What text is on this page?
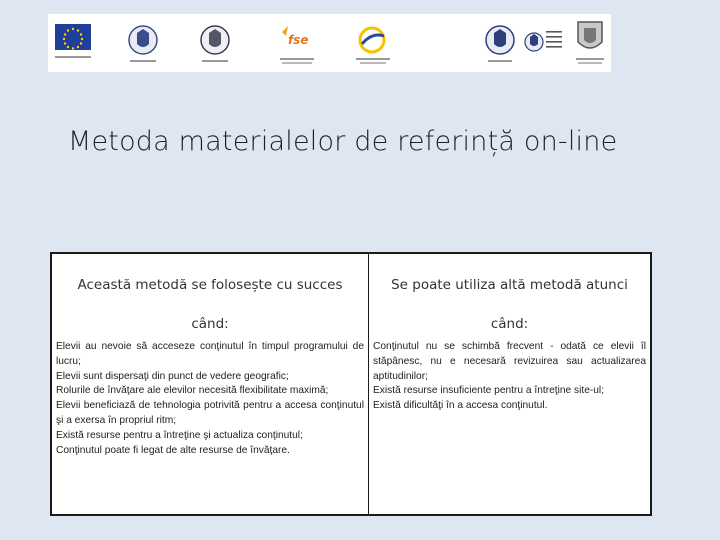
fse
Metoda materialelor de referință on-line
Această metodă se folosește cu succes
când:
Elevii au nevoie să acceseze conţinutul în timpul programului de lucru;
Elevii sunt dispersaţi din punct de vedere geografic;
Rolurile de învăţare ale elevilor necesită flexibilitate maximă;
Elevii beneficiază de tehnologia potrivită pentru a accesa conţinutul şi a exersa în propriul ritm;
Există resurse pentru a întreţine şi actualiza conţinutul;
Conţinutul poate fi legat de alte resurse de învăţare.

Se poate utiliza altă metodă atunci
când:
Conţinutul nu se schimbă frecvent - odată ce elevii îl stăpânesc, nu e necesară revizuirea sau actualizarea aptitudinilor;
Există resurse insuficiente pentru a întreţine site-ul;
Există dificultăţi în a accesa conţinutul.
